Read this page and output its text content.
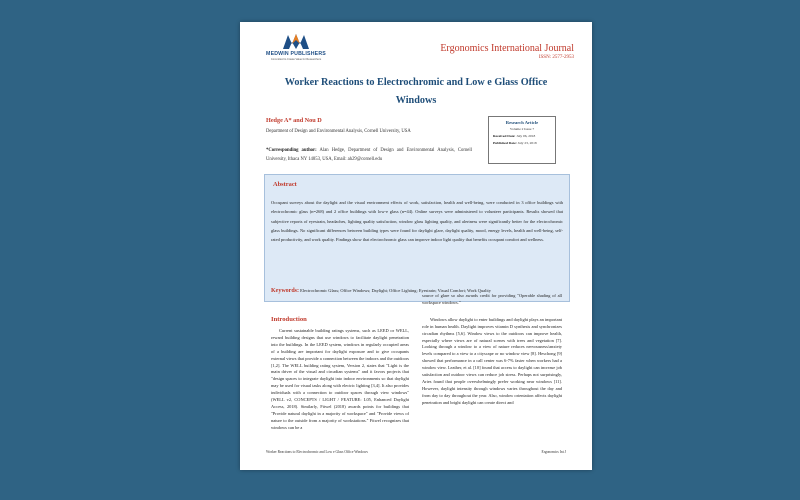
MEDWIN PUBLISHERS
Committed to Create Value for Researchers
Ergonomics International Journal
ISSN: 2577-2953
Worker Reactions to Electrochromic and Low e Glass Office Windows
Hedge A* and Nou D
Department of Design and Environmental Analysis, Cornell University, USA
*Corresponding author: Alan Hedge, Department of Design and Environmental Analysis, Cornell University, Ithaca NY 14853, USA, Email: ah29@cornell.edu
Research Article
Volume 2 Issue 7
Received Date: July 06, 2018
Published Date: July 23, 2018
Abstract
Occupant surveys about the daylight and the visual environment effects of work, satisfaction, health and well-being, were conducted in 3 office buildings with electrochromic glass (n=268) and 2 office buildings with low-e glass (n=44). Online surveys were administered to volunteer participants. Results showed that subjective reports of eyestrain, headaches, lighting quality satisfaction, window glass lighting quality, and alertness were significantly better for the electrochromic glass buildings. No significant differences between building types were found for daylight glare, daylight quality, mood, energy levels, health and well-being, self-rated productivity, and work quality. Findings show that electrochromic glass can improve indoor light quality that benefits occupant comfort and wellness.
Keywords: Electrochromic Glass; Office Windows; Daylight; Office Lighting; Eyestrain; Visual Comfort; Work Quality
Introduction

Current sustainable building ratings systems, such as LEED or WELL, reward building designs that use windows to facilitate daylight penetration into the buildings. In the LEED system, windows in regularly occupied areas of a building are important for daylight exposure and to give occupants external views that provide a connection between the indoors and the outdoors [1,2]. The WELL building rating system, Version 2, states that "Light is the main driver of the visual and circadian systems" and it favors projects that "design spaces to integrate daylight into indoor environments so that daylight may be used for visual tasks along with electric lighting [3,4]. It also provides individuals with a connection to outdoor spaces through view windows" (WELL v2, CONCEPTS / LIGHT / FEATURE: L05, Enhanced Daylight Access, 2018). Similarly, Fitwel (2018) awards points for buildings that "Provide natural daylight in a majority of workspace" and "Provide views of nature to the outside from a majority of workstations." Fitwel recognizes that windows can be a

source of glare so also awards credit for providing "Operable shading of all workspace windows."

Windows allow daylight to enter buildings and daylight plays an important role in human health. Daylight improves vitamin D synthesis and synchronizes circadian rhythms [5,6]. Window views to the outdoors can improve health, especially where views are of natural scenes with trees and vegetation [7]. Looking through a window to a view of nature reduces nervousness/anxiety levels compared to a view to a cityscape or no window view [8]. Heschong [9] showed that performance in a call center was 6-7% faster when workers had a window view. Leather, et al. [10] found that access to daylight can increase job satisfaction and outdoor views can reduce job stress. Perhaps not surprisingly, Aries found that people overwhelmingly prefer working near windows [11]. However, daylight intensity through windows varies throughout the day and from day to day throughout the year. Also, window orientation affects daylight penetration and bright daylight can create direct and

Worker Reactions to Electrochromic and Low e Glass Office Windows	Ergonomics Int J
